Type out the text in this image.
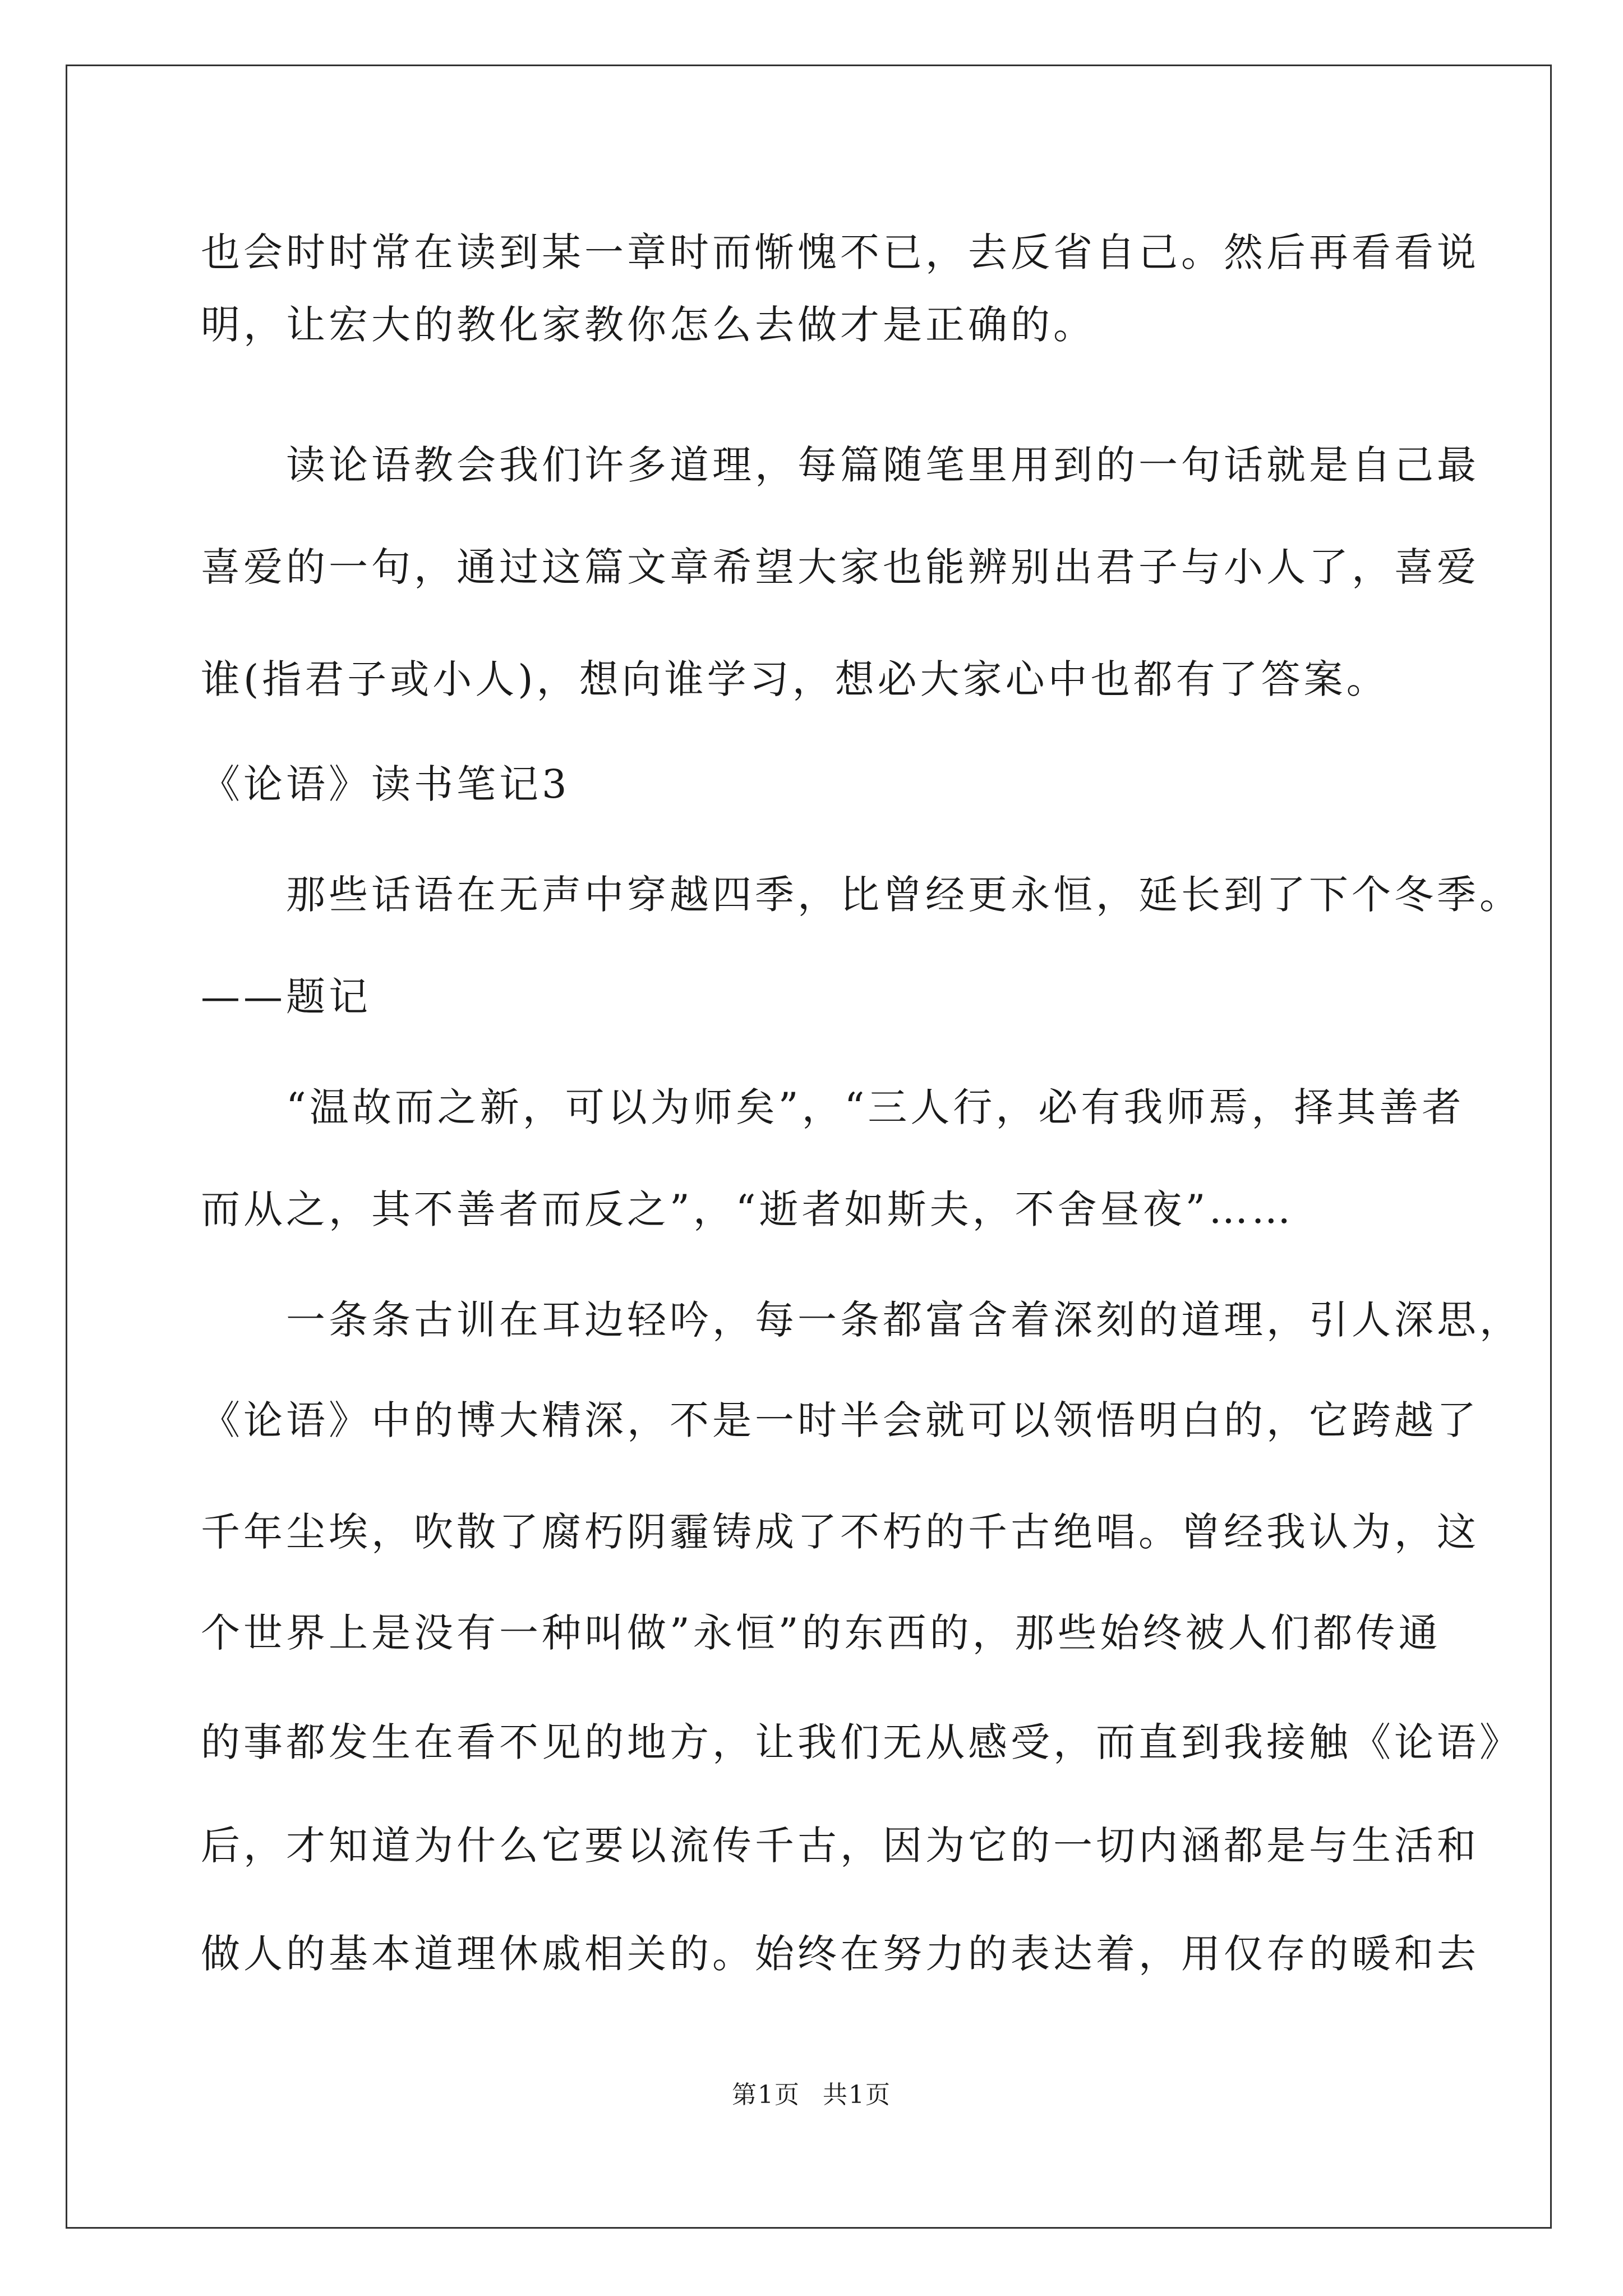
也会时时常在读到某一章时而惭愧不已，去反省自己。然后再看看说
明，让宏大的教化家教你怎么去做才是正确的。
　　读论语教会我们许多道理，每篇随笔里用到的一句话就是自己最
喜爱的一句，通过这篇文章希望大家也能辨别出君子与小人了，喜爱
谁(指君子或小人)，想向谁学习，想必大家心中也都有了答案。
《论语》读书笔记3
　　那些话语在无声中穿越四季，比曾经更永恒，延长到了下个冬季。
——题记
　　“温故而之新，可以为师矣”，“三人行，必有我师焉，择其善者
而从之，其不善者而反之”，“逝者如斯夫，不舍昼夜”……
　　一条条古训在耳边轻吟，每一条都富含着深刻的道理，引人深思，
《论语》中的博大精深，不是一时半会就可以领悟明白的，它跨越了
千年尘埃，吹散了腐朽阴霾铸成了不朽的千古绝唱。曾经我认为，这
个世界上是没有一种叫做”永恒”的东西的，那些始终被人们都传通
的事都发生在看不见的地方，让我们无从感受，而直到我接触《论语》
后，才知道为什么它要以流传千古，因为它的一切内涵都是与生活和
做人的基本道理休戚相关的。始终在努力的表达着，用仅存的暖和去
第1页 共1页
